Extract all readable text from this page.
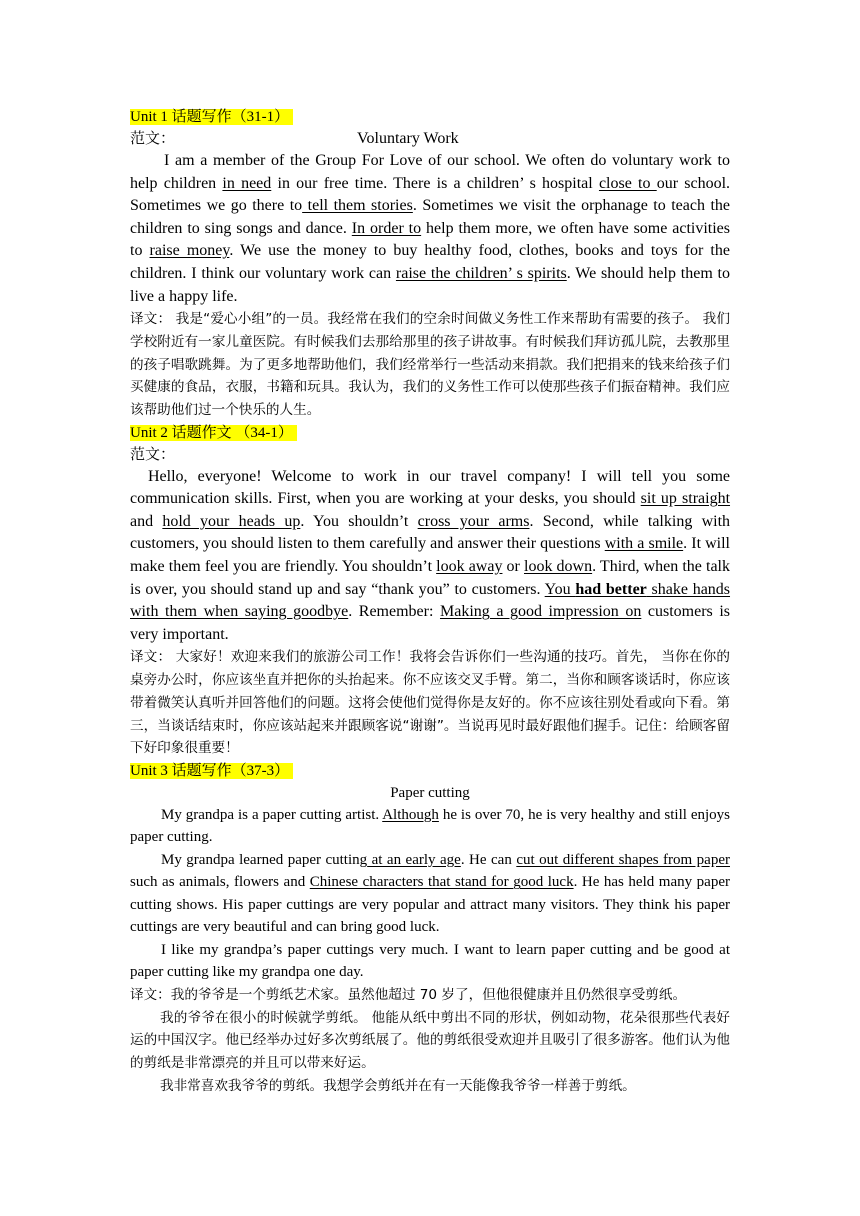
Unit 1 话题写作（31-1）
范文：	Voluntary Work

I am a member of the Group For Love of our school. We often do voluntary work to help children in need in our free time. There is a children’ s hospital close to our school. Sometimes we go there to tell them stories. Sometimes we visit the orphanage to teach the children to sing songs and dance. In order to help them more, we often have some activities to raise money. We use the money to buy healthy food, clothes, books and toys for the children. I think our voluntary work can raise the children’ s spirits. We should help them to live a happy life.

译文： 我是“爱心小组”的一员。我经常在我们的空余时间做义务性工作来帮助有需要的孩子。 我们学校附近有一家儿童医院。有时候我们去那给那里的孩子讲故事。有时候我们拜访孤儿院，去教那里的孩子唱歌跳舞。为了更多地帮助他们，我们经常举行一些活动来捐款。我们把捐来的钱来给孩子们买健康的食品，衣服，书籍和玩具。我认为，我们的义务性工作可以使那些孩子们振奋精神。我们应该帮助他们过一个快乐的人生。

Unit 2 话题作文 （34-1）
范文：

Hello, everyone! Welcome to work in our travel company! I will tell you some communication skills. First, when you are working at your desks, you should sit up straight and hold your heads up. You shouldn’t cross your arms. Second, while talking with customers, you should listen to them carefully and answer their questions with a smile. It will make them feel you are friendly. You shouldn’t look away or look down. Third, when the talk is over, you should stand up and say “thank you” to customers. You had better shake hands with them when saying goodbye. Remember: Making a good impression on customers is very important.

译文： 大家好！欢迎来我们的旅游公司工作！我将会告诉你们一些沟通的技巧。首先， 当你在你的桌旁办公时，你应该坐直并把你的头抬起来。你不应该交叉手臂。第二，当你和顾客谈话时，你应该带着微笑认真听并回答他们的问题。这将会使他们觉得你是友好的。你不应该往别处看或向下看。第三，当谈话结束时，你应该站起来并跟顾客说“谢谢”。当说再见时最好跟他们握手。记住：给顾客留下好印象很重要！

Unit 3 话题写作（37-3）
Paper cutting

My grandpa is a paper cutting artist. Although he is over 70, he is very healthy and still enjoys paper cutting.

My grandpa learned paper cutting at an early age. He can cut out different shapes from paper such as animals, flowers and Chinese characters that stand for good luck. He has held many paper cutting shows. His paper cuttings are very popular and attract many visitors. They think his paper cuttings are very beautiful and can bring good luck.

I like my grandpa’s paper cuttings very much. I want to learn paper cutting and be good at paper cutting like my grandpa one day.

译文：我的爷爷是一个剪纸艺术家。虽然他超过 70 岁了，但他很健康并且仍然很享受剪纸。

我的爷爷在很小的时候就学剪纸。 他能从纸中剪出不同的形状，例如动物，花朵很那些代表好运的中国汉字。他已经举办过好多次剪纸展了。他的剪纸很受欢迎并且吸引了很多游客。他们认为他的剪纸是非常漂亮的并且可以带来好运。

我非常喜欢我爷爷的剪纸。我想学会剪纸并在有一天能像我爷爷一样善于剪纸。
